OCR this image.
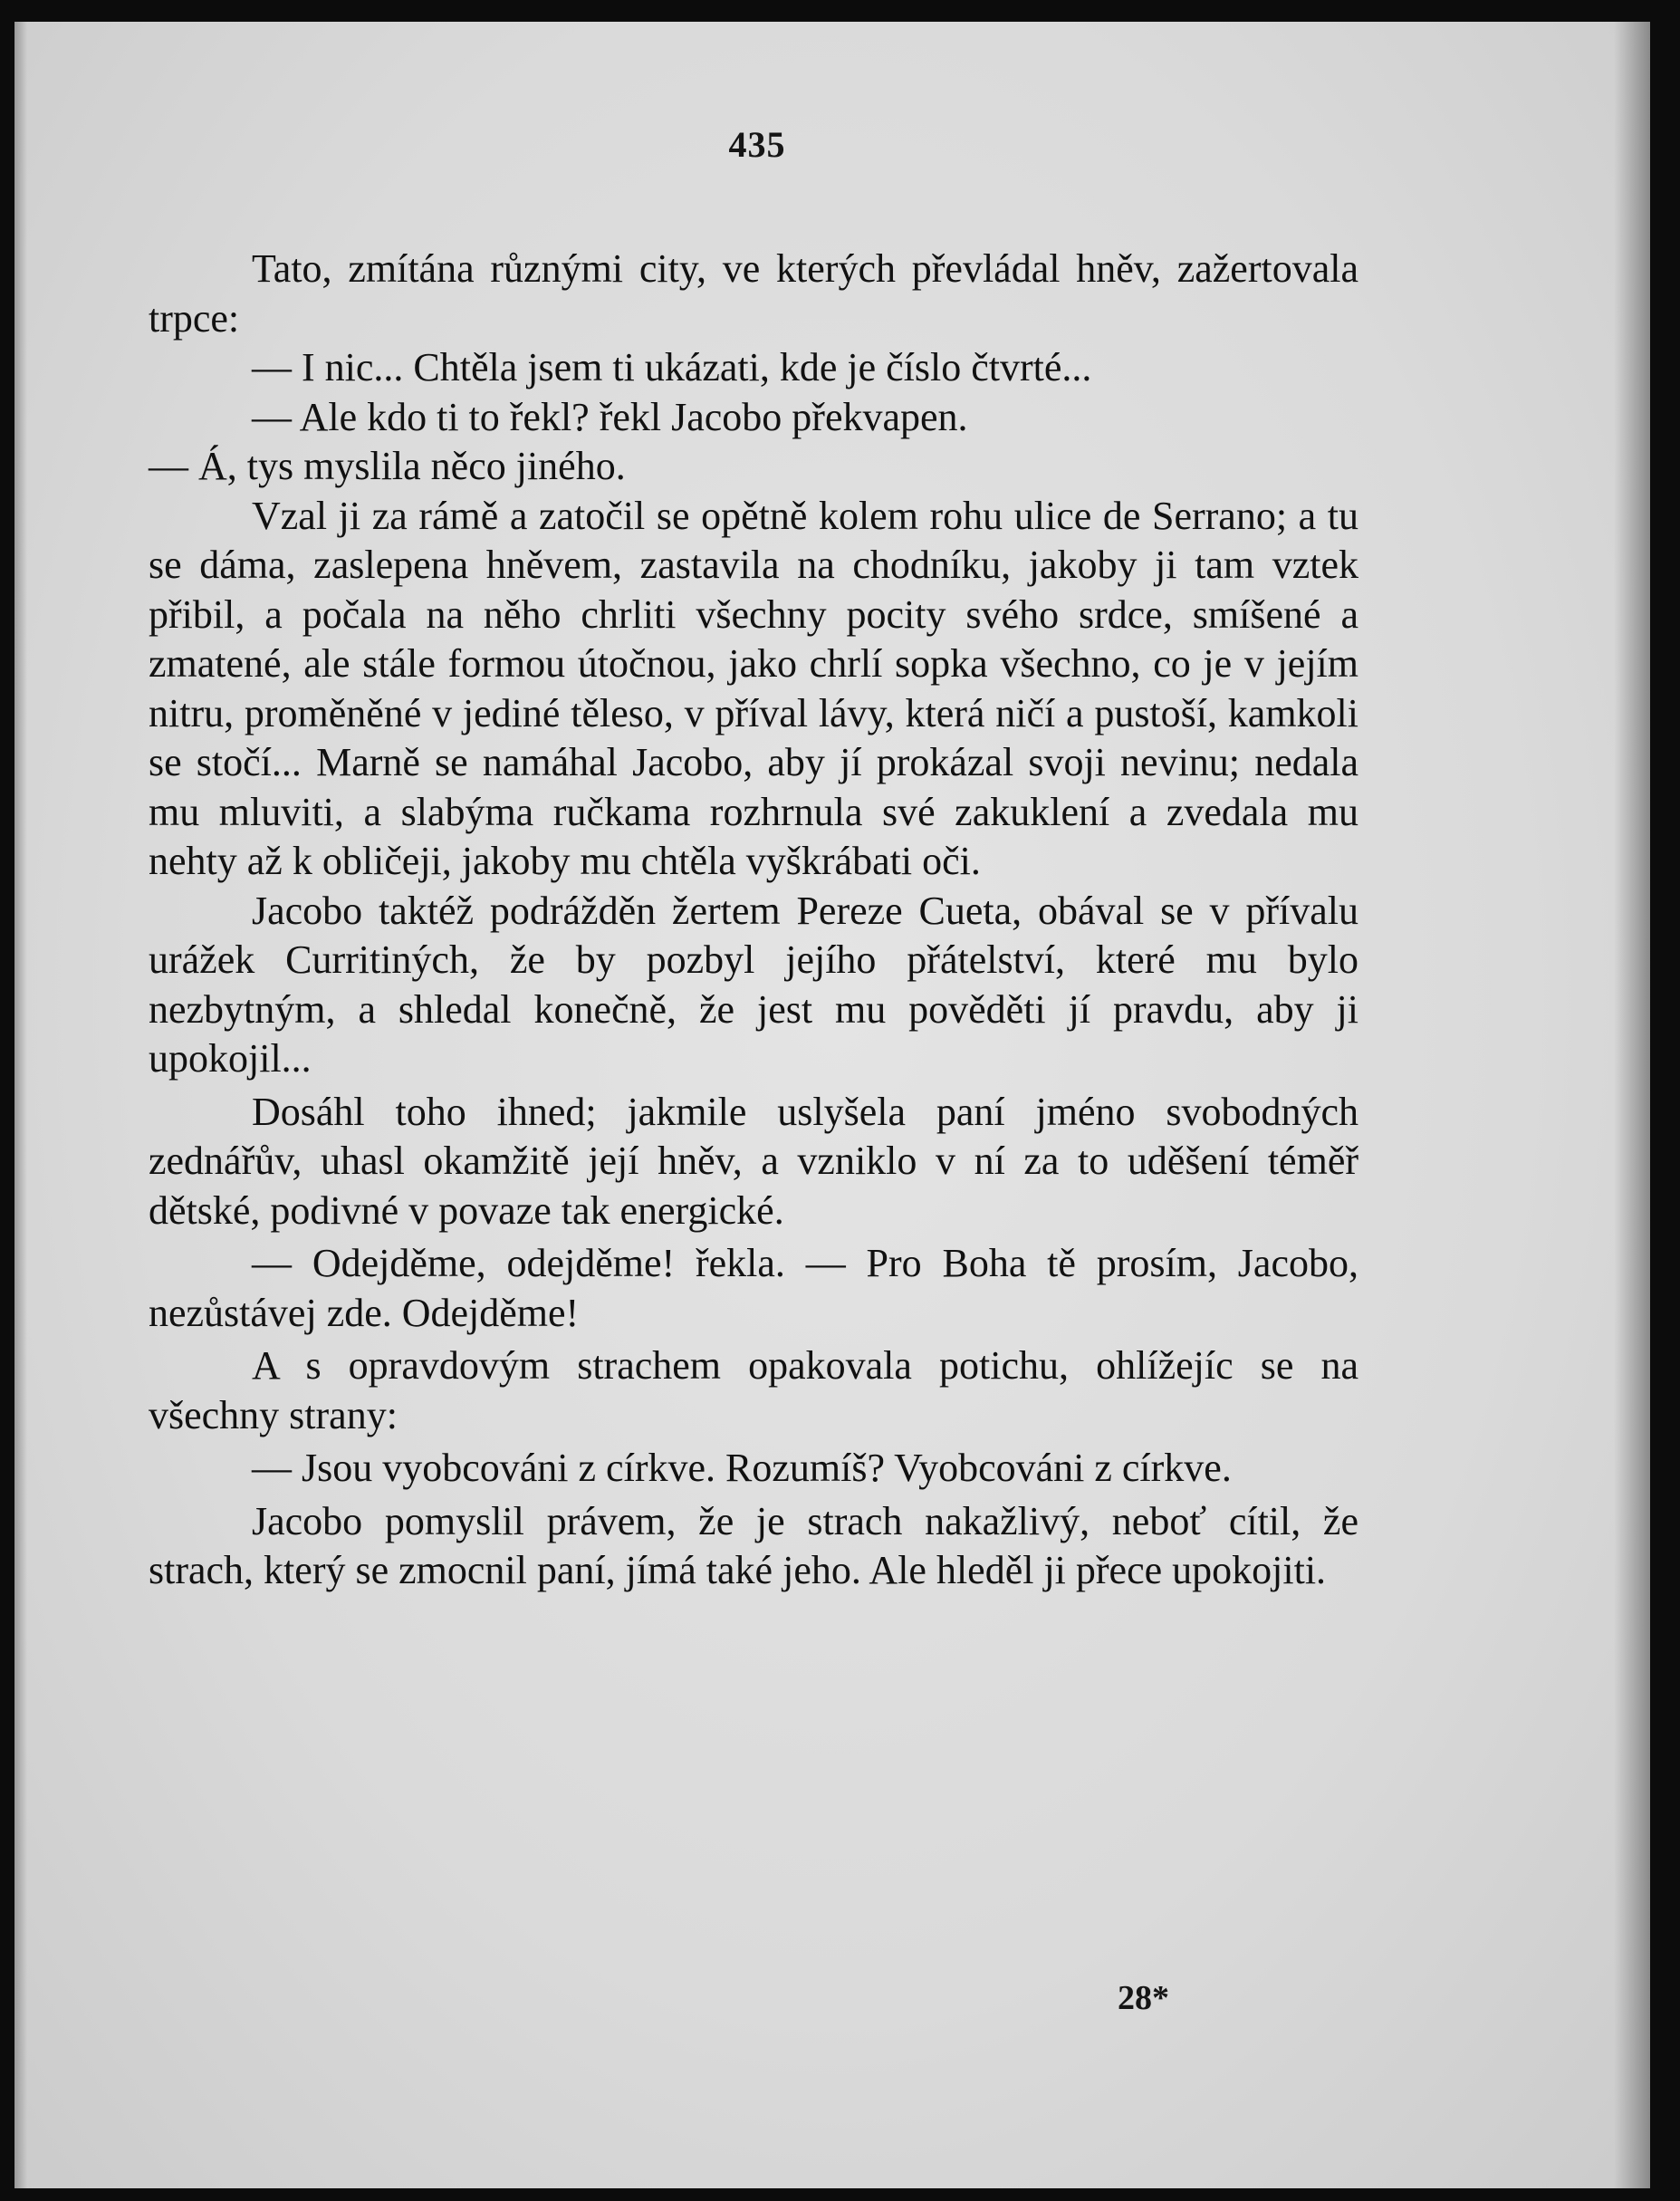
435

Tato, zmítána různými city, ve kterých převládal hněv, zažertovala trpce:

— I nic... Chtěla jsem ti ukázati, kde je číslo čtvrté...

— Ale kdo ti to řekl? řekl Jacobo překvapen.

— Á, tys myslila něco jiného.

Vzal ji za rámě a zatočil se opětně kolem rohu ulice de Serrano; a tu se dáma, zaslepena hněvem, zastavila na chodníku, jakoby ji tam vztek přibil, a počala na něho chrliti všechny pocity svého srdce, smíšené a zmatené, ale stále formou útočnou, jako chrlí sopka všechno, co je v jejím nitru, proměněné v jediné těleso, v příval lávy, která ničí a pustoší, kamkoli se stočí... Marně se namáhal Jacobo, aby jí prokázal svoji nevinu; nedala mu mluviti, a slabýma ručkama rozhrnula své zakuklení a zvedala mu nehty až k obličeji, jakoby mu chtěla vyškrábati oči.

Jacobo taktéž podrážděn žertem Pereze Cueta, obával se v přívalu urážek Curritiných, že by pozbyl jejího přátelství, které mu bylo nezbytným, a shledal konečně, že jest mu pověděti jí pravdu, aby ji upokojil...

Dosáhl toho ihned; jakmile uslyšela paní jméno svobodných zednářův, uhasl okamžitě její hněv, a vzniklo v ní za to uděšení téměř dětské, podivné v povaze tak energické.

— Odejděme, odejděme! řekla. — Pro Boha tě prosím, Jacobo, nezůstávej zde. Odejděme!

A s opravdovým strachem opakovala potichu, ohlížejíc se na všechny strany:

— Jsou vyobcováni z církve. Rozumíš? Vyobcováni z církve.

Jacobo pomyslil právem, že je strach nakažlivý, neboť cítil, že strach, který se zmocnil paní, jímá také jeho. Ale hleděl ji přece upokojiti.

28*
